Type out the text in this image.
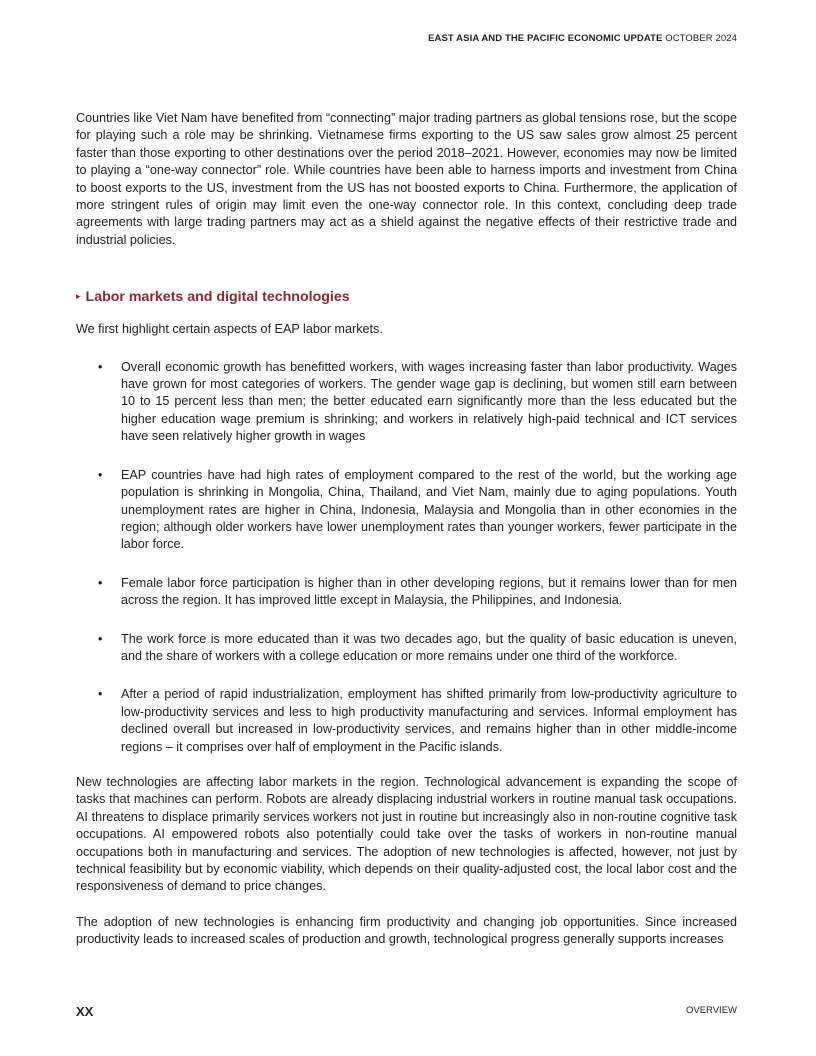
EAST ASIA AND THE PACIFIC ECONOMIC UPDATE OCTOBER 2024

Countries like Viet Nam have benefited from “connecting” major trading partners as global tensions rose, but the scope for playing such a role may be shrinking. Vietnamese firms exporting to the US saw sales grow almost 25 percent faster than those exporting to other destinations over the period 2018–2021. However, economies may now be limited to playing a “one-way connector” role. While countries have been able to harness imports and investment from China to boost exports to the US, investment from the US has not boosted exports to China. Furthermore, the application of more stringent rules of origin may limit even the one-way connector role. In this context, concluding deep trade agreements with large trading partners may act as a shield against the negative effects of their restrictive trade and industrial policies.

▸ Labor markets and digital technologies

We first highlight certain aspects of EAP labor markets.

• Overall economic growth has benefitted workers, with wages increasing faster than labor productivity. Wages have grown for most categories of workers. The gender wage gap is declining, but women still earn between 10 to 15 percent less than men; the better educated earn significantly more than the less educated but the higher education wage premium is shrinking; and workers in relatively high-paid technical and ICT services have seen relatively higher growth in wages
• EAP countries have had high rates of employment compared to the rest of the world, but the working age population is shrinking in Mongolia, China, Thailand, and Viet Nam, mainly due to aging populations. Youth unemployment rates are higher in China, Indonesia, Malaysia and Mongolia than in other economies in the region; although older workers have lower unemployment rates than younger workers, fewer participate in the labor force.
• Female labor force participation is higher than in other developing regions, but it remains lower than for men across the region. It has improved little except in Malaysia, the Philippines, and Indonesia.
• The work force is more educated than it was two decades ago, but the quality of basic education is uneven, and the share of workers with a college education or more remains under one third of the workforce.
• After a period of rapid industrialization, employment has shifted primarily from low-productivity agriculture to low-productivity services and less to high productivity manufacturing and services. Informal employment has declined overall but increased in low-productivity services, and remains higher than in other middle-income regions – it comprises over half of employment in the Pacific islands.

New technologies are affecting labor markets in the region. Technological advancement is expanding the scope of tasks that machines can perform. Robots are already displacing industrial workers in routine manual task occupations. AI threatens to displace primarily services workers not just in routine but increasingly also in non-routine cognitive task occupations. AI empowered robots also potentially could take over the tasks of workers in non-routine manual occupations both in manufacturing and services. The adoption of new technologies is affected, however, not just by technical feasibility but by economic viability, which depends on their quality-adjusted cost, the local labor cost and the responsiveness of demand to price changes.

The adoption of new technologies is enhancing firm productivity and changing job opportunities. Since increased productivity leads to increased scales of production and growth, technological progress generally supports increases

XX	OVERVIEW
